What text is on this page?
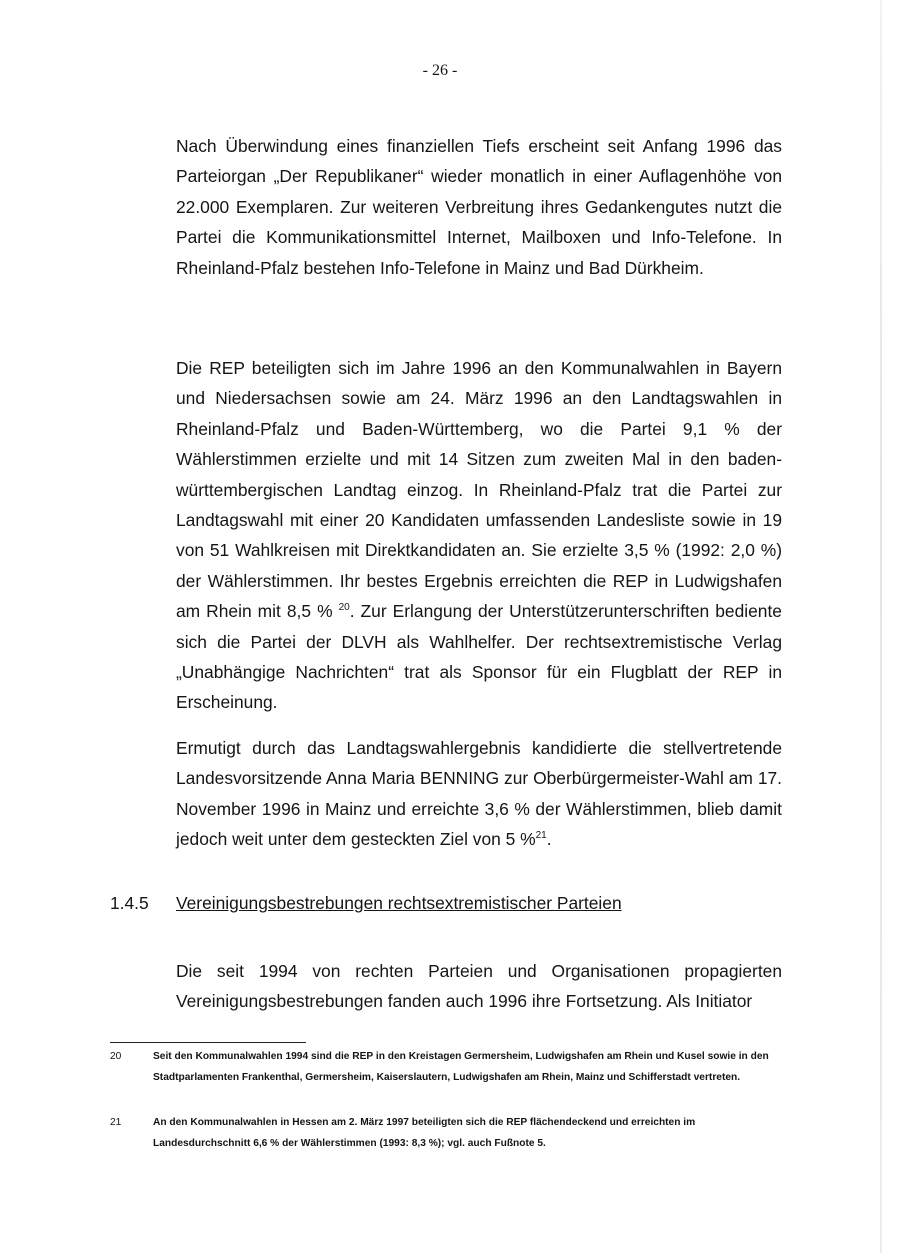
- 26 -

Nach Überwindung eines finanziellen Tiefs erscheint seit Anfang 1996 das Parteiorgan „Der Republikaner“ wieder monatlich in einer Auflagenhöhe von 22.000 Exemplaren. Zur weiteren Verbreitung ihres Gedankengutes nutzt die Partei die Kommunikationsmittel Internet, Mailboxen und Info-Telefone. In Rheinland-Pfalz bestehen Info-Telefone in Mainz und Bad Dürkheim.

Die REP beteiligten sich im Jahre 1996 an den Kommunalwahlen in Bayern und Niedersachsen sowie am 24. März 1996 an den Landtagswahlen in Rheinland-Pfalz und Baden-Württemberg, wo die Partei 9,1 % der Wählerstimmen erzielte und mit 14 Sitzen zum zweiten Mal in den baden-württembergischen Landtag einzog. In Rheinland-Pfalz trat die Partei zur Landtagswahl mit einer 20 Kandidaten umfassenden Landesliste sowie in 19 von 51 Wahlkreisen mit Direktkandidaten an. Sie erzielte 3,5 % (1992: 2,0 %) der Wählerstimmen. Ihr bestes Ergebnis erreichten die REP in Ludwigshafen am Rhein mit 8,5 % $^{20}$. Zur Erlangung der Unterstützerunterschriften bediente sich die Partei der DLVH als Wahlhelfer. Der rechtsextremistische Verlag „Unabhängige Nachrichten“ trat als Sponsor für ein Flugblatt der REP in Erscheinung.

Ermutigt durch das Landtagswahlergebnis kandidierte die stellvertretende Landesvorsitzende Anna Maria BENNING zur Oberbürgermeister-Wahl am 17. November 1996 in Mainz und erreichte 3,6 % der Wählerstimmen, blieb damit jedoch weit unter dem gesteckten Ziel von 5 %$^{21}$.

1.4.5 Vereinigungsbestrebungen rechtsextremistischer Parteien

Die seit 1994 von rechten Parteien und Organisationen propagierten Vereinigungsbestrebungen fanden auch 1996 ihre Fortsetzung. Als Initiator

20	Seit den Kommunalwahlen 1994 sind die REP in den Kreistagen Germersheim, Ludwigshafen am Rhein und Kusel sowie in den Stadtparlamenten Frankenthal, Germersheim, Kaiserslautern, Ludwigshafen am Rhein, Mainz und Schifferstadt vertreten.
21	An den Kommunalwahlen in Hessen am 2. März 1997 beteiligten sich die REP flächendeckend und erreichten im Landesdurchschnitt 6,6 % der Wählerstimmen (1993: 8,3 %); vgl. auch Fußnote 5.
